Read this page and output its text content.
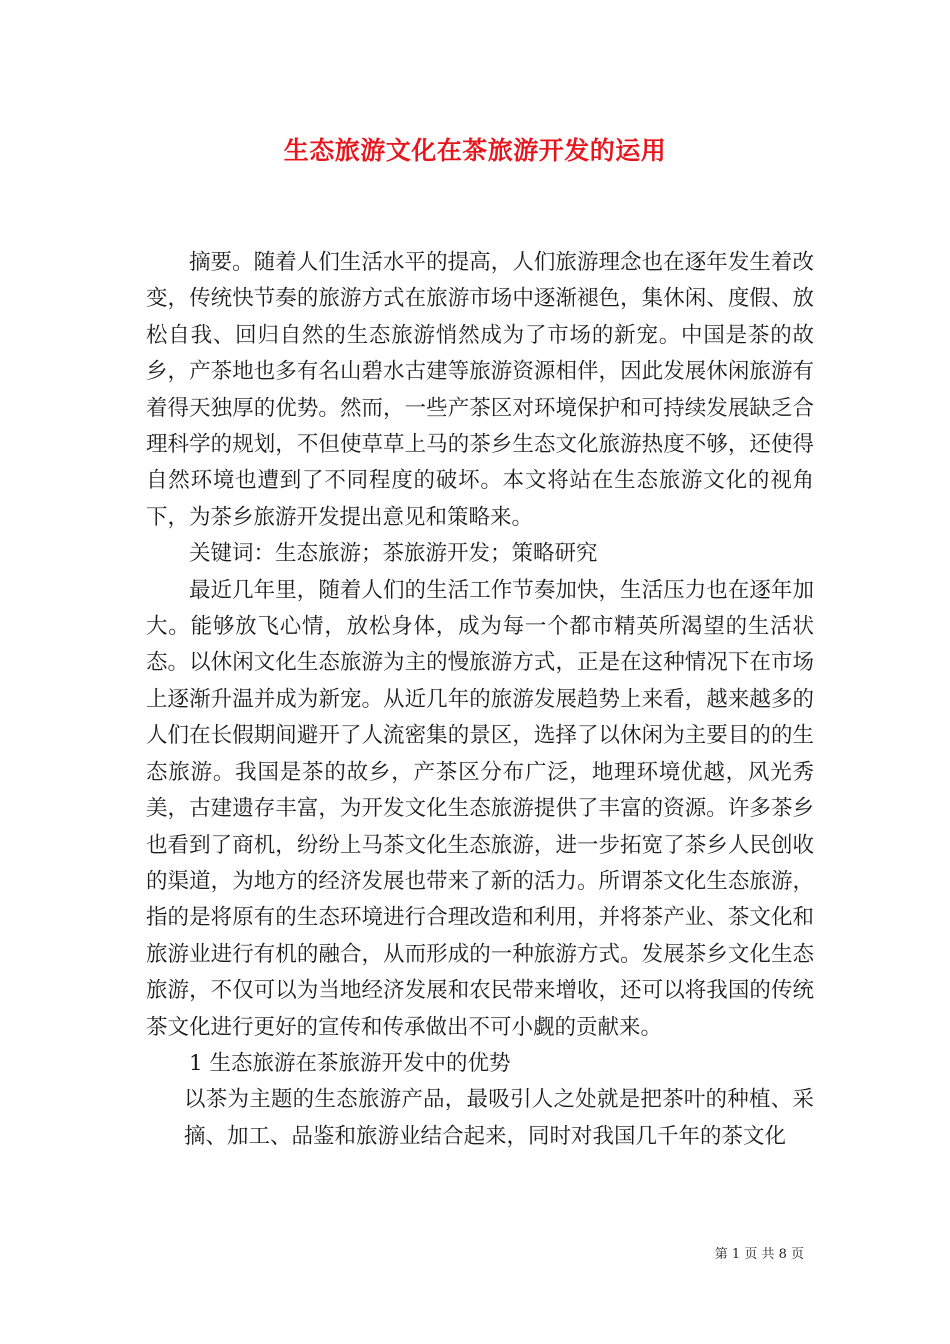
生态旅游文化在茶旅游开发的运用

摘要。随着人们生活水平的提高，人们旅游理念也在逐年发生着改变，传统快节奏的旅游方式在旅游市场中逐渐褪色，集休闲、度假、放松自我、回归自然的生态旅游悄然成为了市场的新宠。中国是茶的故乡，产茶地也多有名山碧水古建等旅游资源相伴，因此发展休闲旅游有着得天独厚的优势。然而，一些产茶区对环境保护和可持续发展缺乏合理科学的规划，不但使草草上马的茶乡生态文化旅游热度不够，还使得自然环境也遭到了不同程度的破坏。本文将站在生态旅游文化的视角下，为茶乡旅游开发提出意见和策略来。

关键词：生态旅游；茶旅游开发；策略研究

最近几年里，随着人们的生活工作节奏加快，生活压力也在逐年加大。能够放飞心情，放松身体，成为每一个都市精英所渴望的生活状态。以休闲文化生态旅游为主的慢旅游方式，正是在这种情况下在市场上逐渐升温并成为新宠。从近几年的旅游发展趋势上来看，越来越多的人们在长假期间避开了人流密集的景区，选择了以休闲为主要目的的生态旅游。我国是茶的故乡，产茶区分布广泛，地理环境优越，风光秀美，古建遗存丰富，为开发文化生态旅游提供了丰富的资源。许多茶乡也看到了商机，纷纷上马茶文化生态旅游，进一步拓宽了茶乡人民创收的渠道，为地方的经济发展也带来了新的活力。所谓茶文化生态旅游，指的是将原有的生态环境进行合理改造和利用，并将茶产业、茶文化和旅游业进行有机的融合，从而形成的一种旅游方式。发展茶乡文化生态旅游，不仅可以为当地经济发展和农民带来增收，还可以将我国的传统茶文化进行更好的宣传和传承做出不可小觑的贡献来。

1 生态旅游在茶旅游开发中的优势

以茶为主题的生态旅游产品，最吸引人之处就是把茶叶的种植、采摘、加工、品鉴和旅游业结合起来，同时对我国几千年的茶文化

第 1 页 共 8 页
